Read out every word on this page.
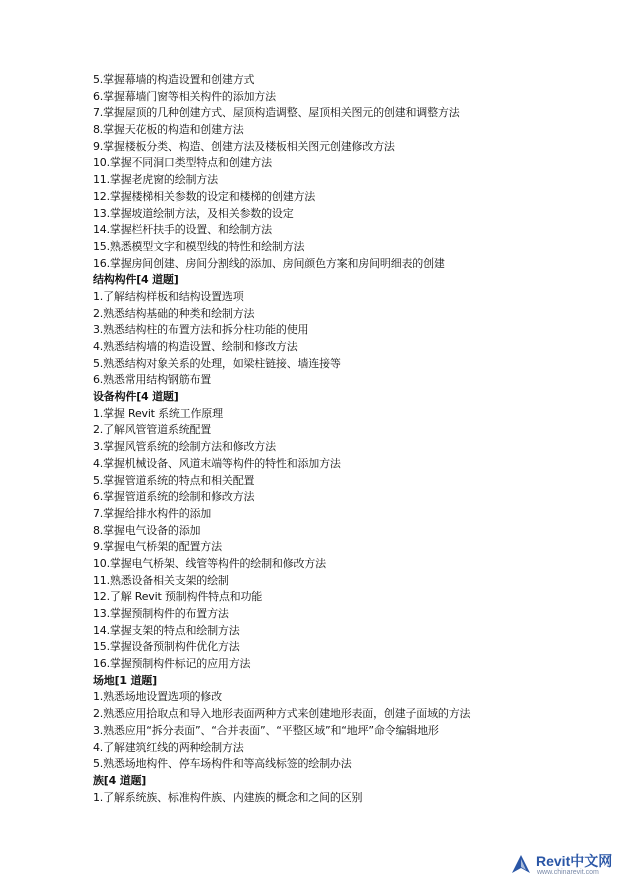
5.掌握幕墙的构造设置和创建方式
6.掌握幕墙门窗等相关构件的添加方法
7.掌握屋顶的几种创建方式、屋顶构造调整、屋顶相关图元的创建和调整方法
8.掌握天花板的构造和创建方法
9.掌握楼板分类、构造、创建方法及楼板相关图元创建修改方法
10.掌握不同洞口类型特点和创建方法
11.掌握老虎窗的绘制方法
12.掌握楼梯相关参数的设定和楼梯的创建方法
13.掌握坡道绘制方法，及相关参数的设定
14.掌握栏杆扶手的设置、和绘制方法
15.熟悉模型文字和模型线的特性和绘制方法
16.掌握房间创建、房间分割线的添加、房间颜色方案和房间明细表的创建
结构构件[4 道题]
1.了解结构样板和结构设置选项
2.熟悉结构基础的种类和绘制方法
3.熟悉结构柱的布置方法和拆分柱功能的使用
4.熟悉结构墙的构造设置、绘制和修改方法
5.熟悉结构对象关系的处理，如梁柱链接、墙连接等
6.熟悉常用结构钢筋布置
设备构件[4 道题]
1.掌握 Revit 系统工作原理
2.了解风管管道系统配置
3.掌握风管系统的绘制方法和修改方法
4.掌握机械设备、风道末端等构件的特性和添加方法
5.掌握管道系统的特点和相关配置
6.掌握管道系统的绘制和修改方法
7.掌握给排水构件的添加
8.掌握电气设备的添加
9.掌握电气桥架的配置方法
10.掌握电气桥架、线管等构件的绘制和修改方法
11.熟悉设备相关支架的绘制
12.了解 Revit 预制构件特点和功能
13.掌握预制构件的布置方法
14.掌握支架的特点和绘制方法
15.掌握设备预制构件优化方法
16.掌握预制构件标记的应用方法
场地[1 道题]
1.熟悉场地设置选项的修改
2.熟悉应用拾取点和导入地形表面两种方式来创建地形表面，创建子面域的方法
3.熟悉应用“拆分表面”、“合并表面”、“平整区域”和“地坪”命令编辑地形
4.了解建筑红线的两种绘制方法
5.熟悉场地构件、停车场构件和等高线标签的绘制办法
族[4 道题]
1.了解系统族、标准构件族、内建族的概念和之间的区别
Revit中文网
www.chinarevit.com
